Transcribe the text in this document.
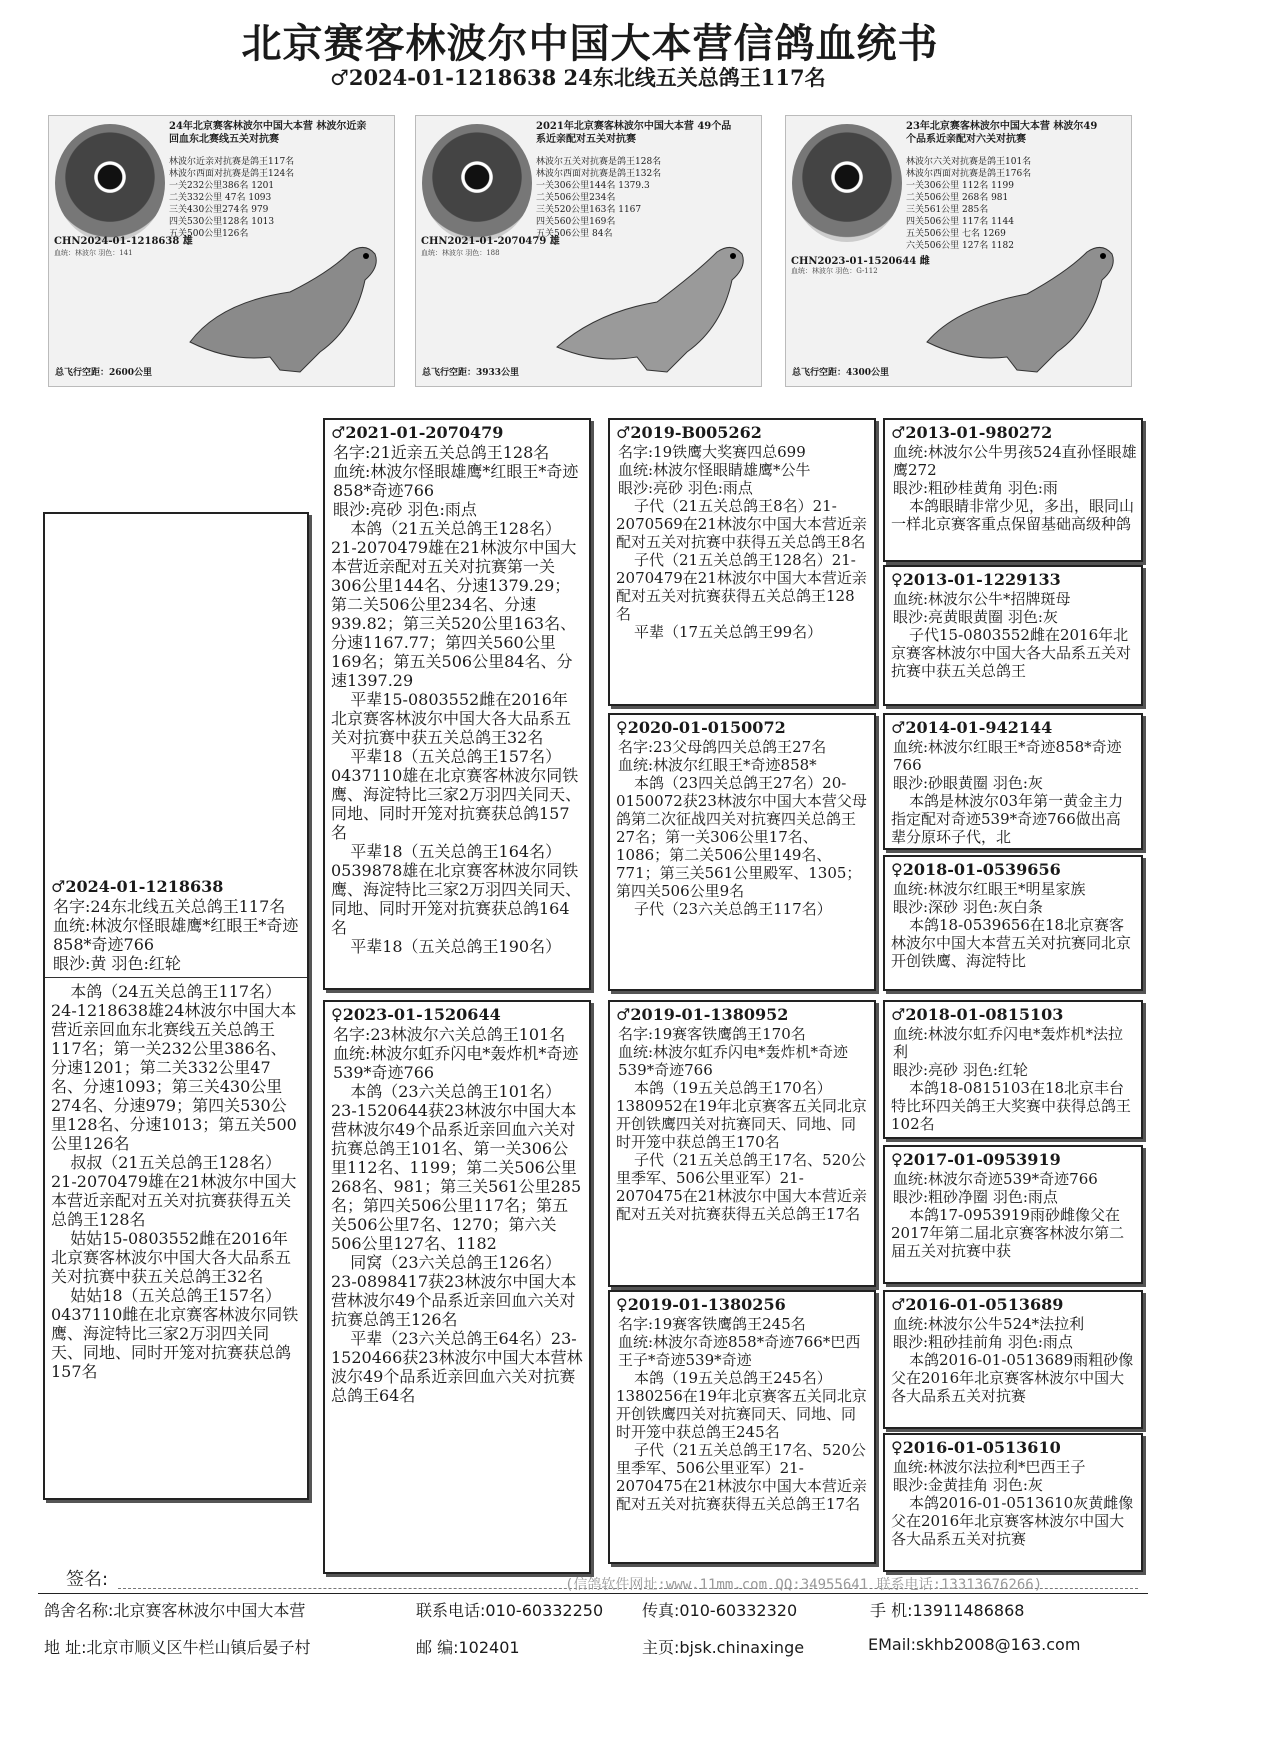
北京赛客林波尔中国大本营信鸽血统书
♂2024-01-1218638 24东北线五关总鸽王117名
24年北京赛客林波尔中国大本营 林波尔近亲回血东北赛线五关对抗赛
林波尔近亲对抗赛是鸽王117名
林波尔西面对抗赛是鸽王124名
一关232公里386名 1201
二关332公里 47名 1093
三关430公里274名 979
四关530公里128名 1013
五关500公里126名
CHN2024-01-1218638 雄
血统：林波尔 羽色：141
总飞行空距：2600公里
2021年北京赛客林波尔中国大本营 49个品系近亲配对五关对抗赛
林波尔五关对抗赛是鸽王128名
林波尔西面对抗赛是鸽王132名
一关306公里144名 1379.3
二关506公里234名
三关520公里163名 1167
四关560公里169名
五关506公里 84名
CHN2021-01-2070479 雄
血统：林波尔 羽色：188
总飞行空距：3933公里
23年北京赛客林波尔中国大本营 林波尔49个品系近亲配对六关对抗赛
林波尔六关对抗赛是鸽王101名
林波尔西面对抗赛是鸽王176名
一关306公里 112名 1199
二关506公里 268名 981
三关561公里 285名
四关506公里 117名 1144
五关506公里 七名 1269
六关506公里 127名 1182
CHN2023-01-1520644 雌
血统：林波尔 羽色：G-112
总飞行空距：4300公里
♂2024-01-1218638
名字:24东北线五关总鸽王117名
血统:林波尔怪眼雄鹰*红眼王*奇迹858*奇迹766
眼沙:黄 羽色:红轮
本鸽（24五关总鸽王117名）24-1218638雄24林波尔中国大本营近亲回血东北赛线五关总鸽王117名；第一关232公里386名、分速1201；第二关332公里47名、分速1093；第三关430公里274名、分速979；第四关530公里128名、分速1013；第五关500公里126名
叔叔（21五关总鸽王128名）21-2070479雄在21林波尔中国大本营近亲配对五关对抗赛获得五关总鸽王128名
姑姑15-0803552雌在2016年北京赛客林波尔中国大各大品系五关对抗赛中获五关总鸽王32名
姑姑18（五关总鸽王157名）0437110雌在北京赛客林波尔同铁鹰、海淀特比三家2万羽四关同天、同地、同时开笼对抗赛获总鸽157名
♂2021-01-2070479
名字:21近亲五关总鸽王128名
血统:林波尔怪眼雄鹰*红眼王*奇迹858*奇迹766
眼沙:亮砂 羽色:雨点
本鸽（21五关总鸽王128名）21-2070479雄在21林波尔中国大本营近亲配对五关对抗赛第一关306公里144名、分速1379.29；第二关506公里234名、分速939.82；第三关520公里163名、分速1167.77；第四关560公里169名；第五关506公里84名、分速1397.29
平辈15-0803552雌在2016年北京赛客林波尔中国大各大品系五关对抗赛中获五关总鸽王32名
平辈18（五关总鸽王157名）0437110雄在北京赛客林波尔同铁鹰、海淀特比三家2万羽四关同天、同地、同时开笼对抗赛获总鸽157名
平辈18（五关总鸽王164名）0539878雄在北京赛客林波尔同铁鹰、海淀特比三家2万羽四关同天、同地、同时开笼对抗赛获总鸽164名
平辈18（五关总鸽王190名）
♀2023-01-1520644
名字:23林波尔六关总鸽王101名
血统:林波尔虹乔闪电*轰炸机*奇迹539*奇迹766
本鸽（23六关总鸽王101名）23-1520644获23林波尔中国大本营林波尔49个品系近亲回血六关对抗赛总鸽王101名、第一关306公里112名、1199；第二关506公里268名、981；第三关561公里285名；第四关506公里117名；第五关506公里7名、1270；第六关506公里127名、1182
同窝（23六关总鸽王126名）23-0898417获23林波尔中国大本营林波尔49个品系近亲回血六关对抗赛总鸽王126名
平辈（23六关总鸽王64名）23-1520466获23林波尔中国大本营林波尔49个品系近亲回血六关对抗赛总鸽王64名
♂2019-B005262
名字:19铁鹰大奖赛四总699
血统:林波尔怪眼睛雄鹰*公牛
眼沙:亮砂 羽色:雨点
子代（21五关总鸽王8名）21-2070569在21林波尔中国大本营近亲配对五关对抗赛中获得五关总鸽王8名
子代（21五关总鸽王128名）21-2070479在21林波尔中国大本营近亲配对五关对抗赛获得五关总鸽王128名
平辈（17五关总鸽王99名）
♀2020-01-0150072
名字:23父母鸽四关总鸽王27名
血统:林波尔红眼王*奇迹858*
本鸽（23四关总鸽王27名）20-0150072获23林波尔中国大本营父母鸽第二次征战四关对抗赛四关总鸽王27名；第一关306公里17名、1086；第二关506公里149名、771；第三关561公里殿军、1305；第四关506公里9名
子代（23六关总鸽王117名）
♂2019-01-1380952
名字:19赛客铁鹰鸽王170名
血统:林波尔虹乔闪电*轰炸机*奇迹539*奇迹766
本鸽（19五关总鸽王170名）1380952在19年北京赛客五关同北京开创铁鹰四关对抗赛同天、同地、同时开笼中获总鸽王170名
子代（21五关总鸽王17名、520公里季军、506公里亚军）21-2070475在21林波尔中国大本营近亲配对五关对抗赛获得五关总鸽王17名
♀2019-01-1380256
名字:19赛客铁鹰鸽王245名
血统:林波尔奇迹858*奇迹766*巴西王子*奇迹539*奇迹
本鸽（19五关总鸽王245名）1380256在19年北京赛客五关同北京开创铁鹰四关对抗赛同天、同地、同时开笼中获总鸽王245名
子代（21五关总鸽王17名、520公里季军、506公里亚军）21-2070475在21林波尔中国大本营近亲配对五关对抗赛获得五关总鸽王17名
♂2013-01-980272
血统:林波尔公牛男孩524直孙怪眼雄鹰272
眼沙:粗砂桂黄角 羽色:雨
本鸽眼睛非常少见，多出，眼同山一样北京赛客重点保留基础高级种鸽
♀2013-01-1229133
血统:林波尔公牛*招牌斑母
眼沙:亮黄眼黄圈 羽色:灰
子代15-0803552雌在2016年北京赛客林波尔中国大各大品系五关对抗赛中获五关总鸽王
♂2014-01-942144
血统:林波尔红眼王*奇迹858*奇迹766
眼沙:砂眼黄圈 羽色:灰
本鸽是林波尔03年第一黄金主力指定配对奇迹539*奇迹766做出高辈分原环子代，北
♀2018-01-0539656
血统:林波尔红眼王*明星家族
眼沙:深砂 羽色:灰白条
本鸽18-0539656在18北京赛客林波尔中国大本营五关对抗赛同北京开创铁鹰、海淀特比
♂2018-01-0815103
血统:林波尔虹乔闪电*轰炸机*法拉利
眼沙:亮砂 羽色:红轮
本鸽18-0815103在18北京丰台特比环四关鸽王大奖赛中获得总鸽王102名
♀2017-01-0953919
血统:林波尔奇迹539*奇迹766
眼沙:粗砂净圈 羽色:雨点
本鸽17-0953919雨砂雌像父在2017年第二届北京赛客林波尔第二届五关对抗赛中获
♂2016-01-0513689
血统:林波尔公牛524*法拉利
眼沙:粗砂挂前角 羽色:雨点
本鸽2016-01-0513689雨粗砂像父在2016年北京赛客林波尔中国大各大品系五关对抗赛
♀2016-01-0513610
血统:林波尔法拉利*巴西王子
眼沙:金黄挂角 羽色:灰
本鸽2016-01-0513610灰黄雌像父在2016年北京赛客林波尔中国大各大品系五关对抗赛
签名:	(信鸽软件网址:www.11mm.com QQ:34955641 联系电话:13313676266)
鸽舍名称:北京赛客林波尔中国大本营	联系电话:010-60332250 传真:010-60332320	手 机:13911486868
地 址:北京市顺义区牛栏山镇后晏子村	邮 编:102401	主页:bjsk.chinaxinge	EMail:skhb2008@163.com
